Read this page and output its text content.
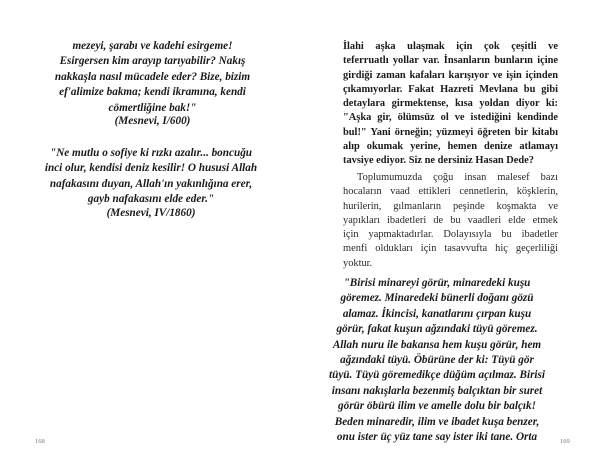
mezeyi, şarabı ve kadehi esirgeme!
Esirgersen kim arayıp tarıyabilir? Nakış
nakkaşla nasıl mücadele eder? Bize, bizim
ef'alimize bakma; kendi ikramına, kendi
cömertliğine bak!"
(Mesnevi, I/600)
"Ne mutlu o sofiye ki rızkı azalır... boncuğu
inci olur, kendisi deniz kesilir! O hususi Allah
nafakasını duyan, Allah'ın yakınlığına erer,
gayb nafakasını elde eder."
(Mesnevi, IV/1860)
168
İlahi aşka ulaşmak için çok çeşitli ve
teferruatlı yollar var. İnsanların bunların içine
girdiği zaman kafaları karışıyor ve işin içinden
çıkamıyorlar. Fakat Hazreti Mevlana bu gibi
detaylara girmektense, kısa yoldan diyor ki:
"Aşka gir, ölümsüz ol ve istediğini kendinde
bul!" Yani örneğin; yüzmeyi öğreten bir kitabı
alıp okumak yerine, hemen denize atlamayı
tavsiye ediyor. Siz ne dersiniz Hasan Dede?
Toplumumuzda çoğu insan malesef bazı
hocaların vaad ettikleri cennetlerin, köşklerin,
hurilerin, gılmanların peşinde koşmakta ve
yapıkları ibadetleri de bu vaadleri elde etmek
için yapmaktadırlar. Dolayısıyla bu ibadetler
menfi oldukları için tasavvufta hiç geçerliliği
yoktur.
"Birisi minareyi görür, minaredeki kuşu
göremez. Minaredeki bünerli doğanı gözü
alamaz. İkincisi, kanatlarını çırpan kuşu
görür, fakat kuşun ağzındaki tüyü göremez.
Allah nuru ile bakansa hem kuşu görür, hem
ağzındaki tüyü. Öbürüne der ki: Tüyü gör
tüyü. Tüyü göremedikçe düğüm açılmaz. Birisi
insanı nakışlarla bezenmiş balçıktan bir suret
görür öbürü ilim ve amelle dolu bir balçık!
Beden minaredir, ilim ve ibadet kuşa benzer,
onu ister üç yüz tane say ister iki tane. Orta	169
